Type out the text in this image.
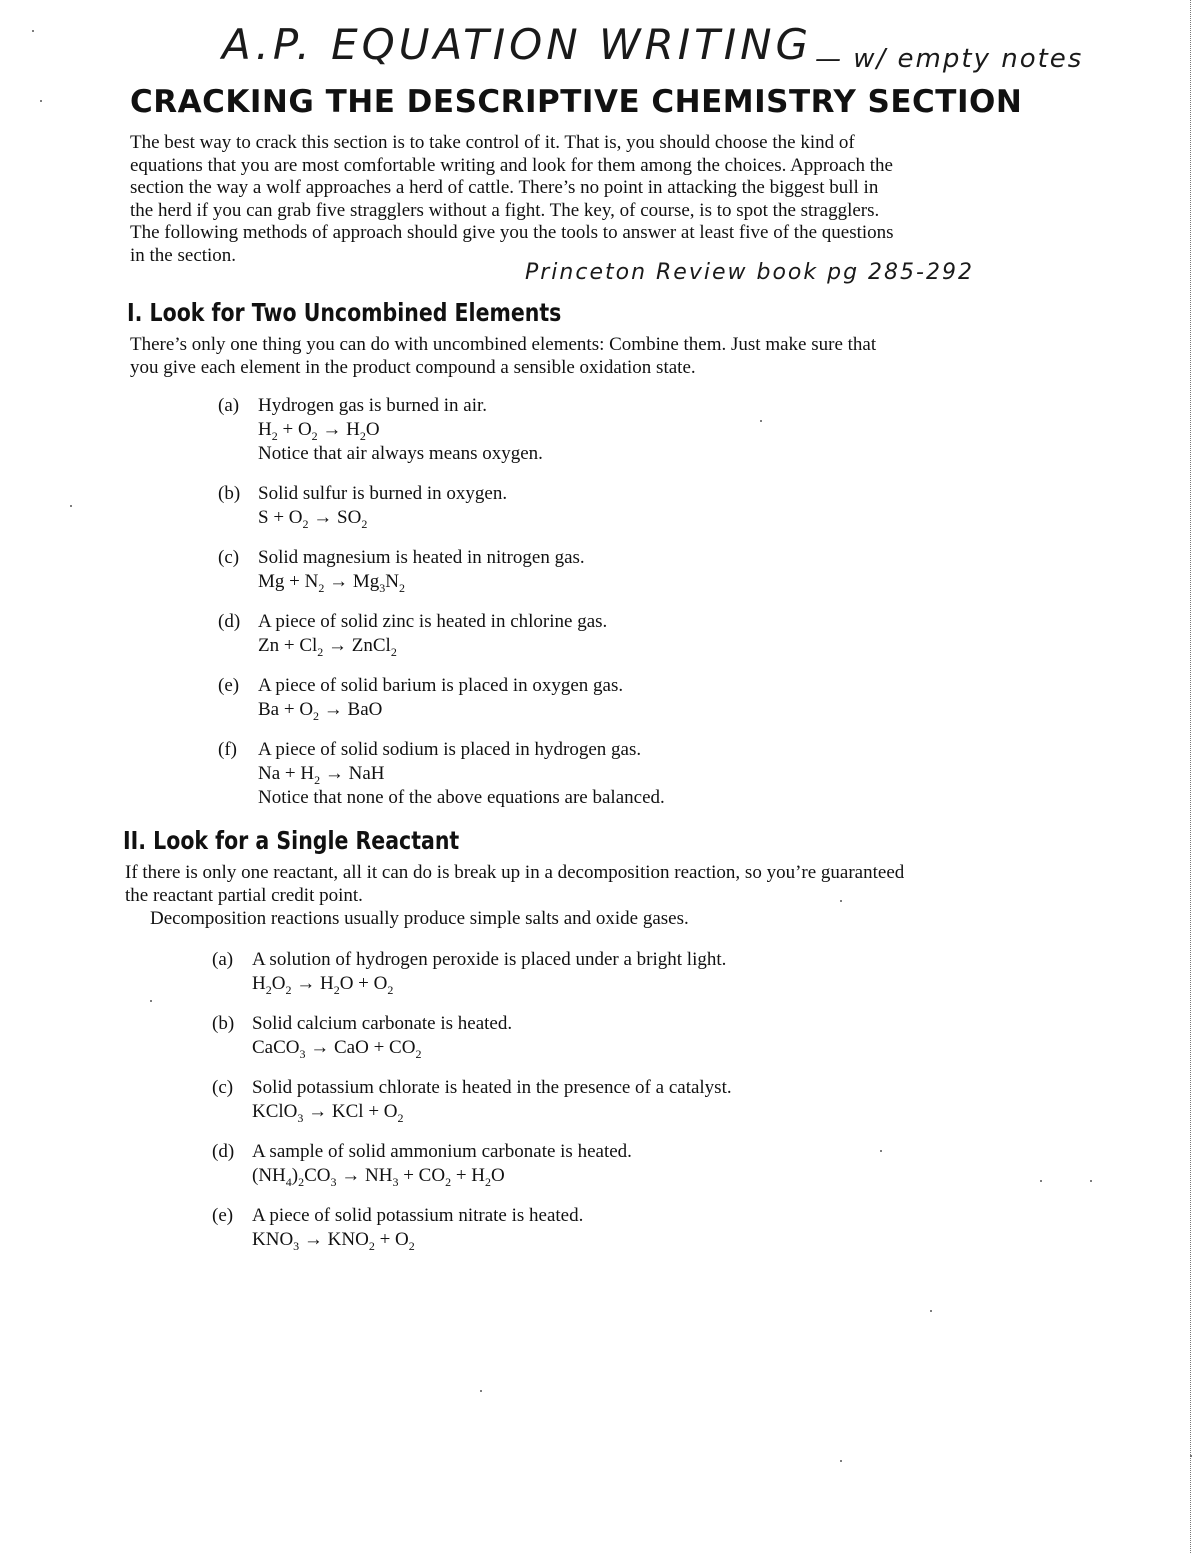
A.P. EQUATION WRITING — w/ empty notes
CRACKING THE DESCRIPTIVE CHEMISTRY SECTION

The best way to crack this section is to take control of it. That is, you should choose the kind of
equations that you are most comfortable writing and look for them among the choices. Approach the
section the way a wolf approaches a herd of cattle. There’s no point in attacking the biggest bull in
the herd if you can grab five stragglers without a fight. The key, of course, is to spot the stragglers.
The following methods of approach should give you the tools to answer at least five of the questions
in the section.

Princeton Review book pg 285-292
I. Look for Two Uncombined Elements

There’s only one thing you can do with uncombined elements: Combine them. Just make sure that
you give each element in the product compound a sensible oxidation state.

(a) Hydrogen gas is burned in air.
$H_2 + O_2 \to H_2O$
Notice that air always means oxygen.
(b) Solid sulfur is burned in oxygen.
$S + O_2 \to SO_2$
(c) Solid magnesium is heated in nitrogen gas.
$Mg + N_2 \to Mg_3N_2$
(d) A piece of solid zinc is heated in chlorine gas.
$Zn + Cl_2$ → ZnCl$_2$
(e) A piece of solid barium is placed in oxygen gas.
$Ba + O_2$ → BaO
(f) A piece of solid sodium is placed in hydrogen gas.
$Na + H_2$ → NaH
Notice that none of the above equations are balanced.
II. Look for a Single Reactant

If there is only one reactant, all it can do is break up in a decomposition reaction, so you’re guaranteed
the reactant partial credit point.

Decomposition reactions usually produce simple salts and oxide gases.

(a) A solution of hydrogen peroxide is placed under a bright light.
$H_2O_2 \to H_2O + O_2$
(b) Solid calcium carbonate is heated.
CaCO$_3$ → CaO + $CO_2$
(c) Solid potassium chlorate is heated in the presence of a catalyst.
KClO$_3$ → KCl + $O_2$
(d) A sample of solid ammonium carbonate is heated.
$(NH_4)_2CO_3 \to NH_3 + CO_2 + H_2O$
(e) A piece of solid potassium nitrate is heated.
$KNO_3 \to KNO_2 + O_2$
